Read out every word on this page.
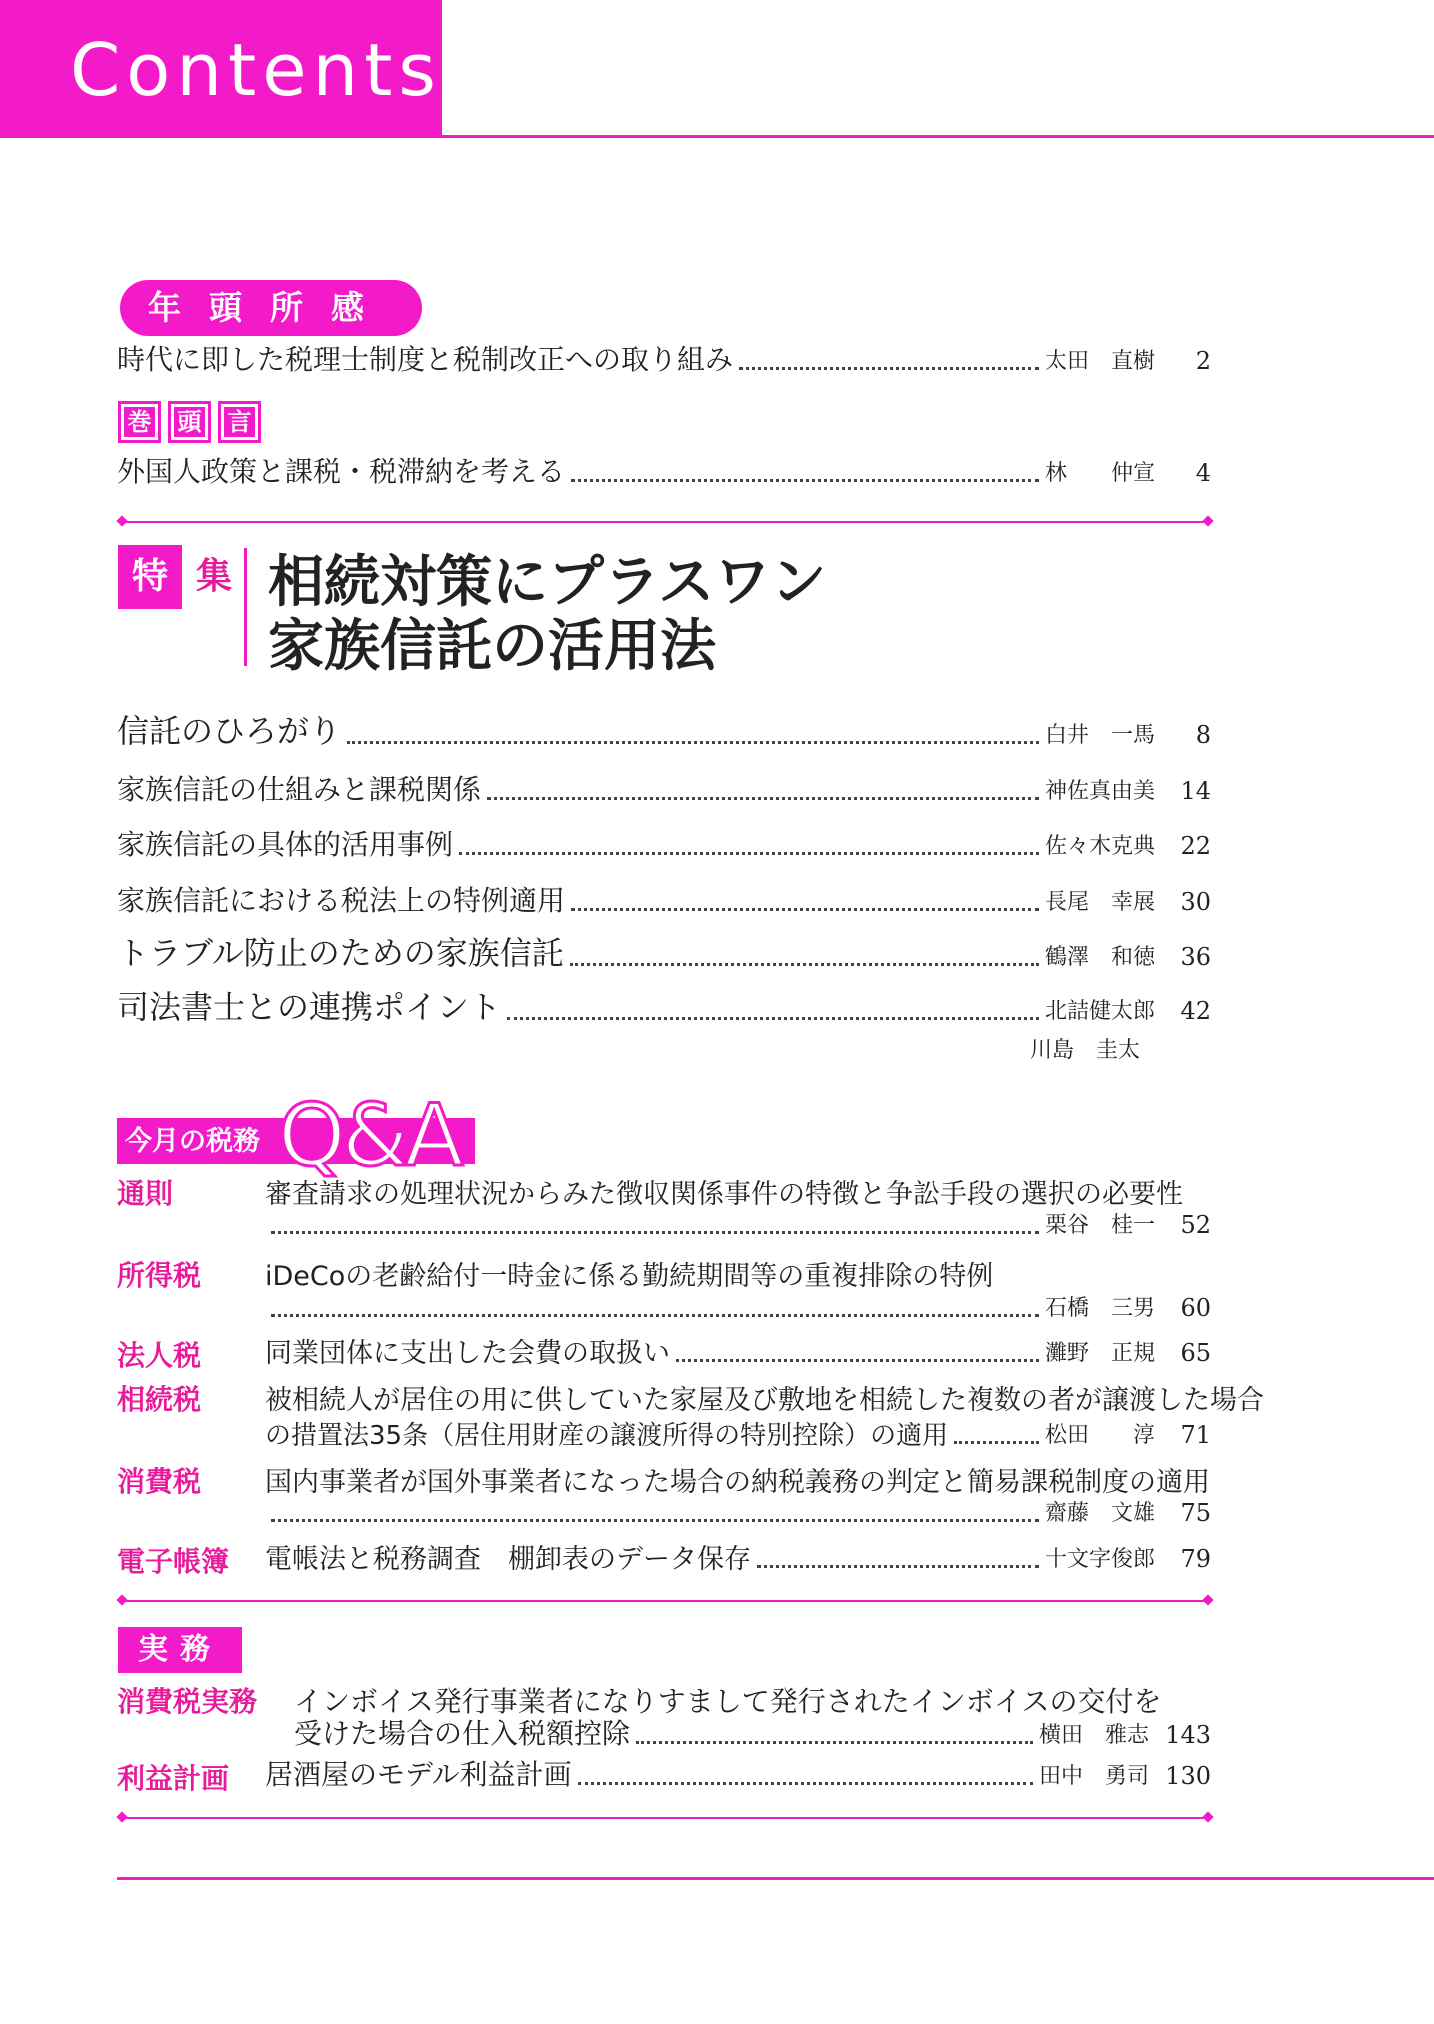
Contents
年頭所感
時代に即した税理士制度と税制改正への取り組み	太田　直樹	2
巻 頭 言
外国人政策と課税・税滞納を考える	林　　仲宣	4
特 集 相続対策にプラスワン
家族信託の活用法
信託のひろがり	白井　一馬	8
家族信託の仕組みと課税関係	神佐真由美	14
家族信託の具体的活用事例	佐々木克典	22
家族信託における税法上の特例適用	長尾　幸展	30
トラブル防止のための家族信託	鶴澤　和徳	36
司法書士との連携ポイント	北詰健太郎	42
川島　圭太
今月の税務 Q&A
通則	審査請求の処理状況からみた徴収関係事件の特徴と争訟手段の選択の必要性
栗谷　桂一	52
所得税 iDeCoの老齢給付一時金に係る勤続期間等の重複排除の特例
石橋　三男	60
法人税 同業団体に支出した会費の取扱い	灘野　正規	65
相続税 被相続人が居住の用に供していた家屋及び敷地を相続した複数の者が譲渡した場合
の措置法35条（居住用財産の譲渡所得の特別控除）の適用	松田　　淳	71
消費税 国内事業者が国外事業者になった場合の納税義務の判定と簡易課税制度の適用
齋藤　文雄	75
電子帳簿 電帳法と税務調査　棚卸表のデータ保存	十文字俊郎	79
実務
消費税実務 インボイス発行事業者になりすまして発行されたインボイスの交付を
受けた場合の仕入税額控除	横田　雅志 143
利益計画 居酒屋のモデル利益計画	田中　勇司 130
